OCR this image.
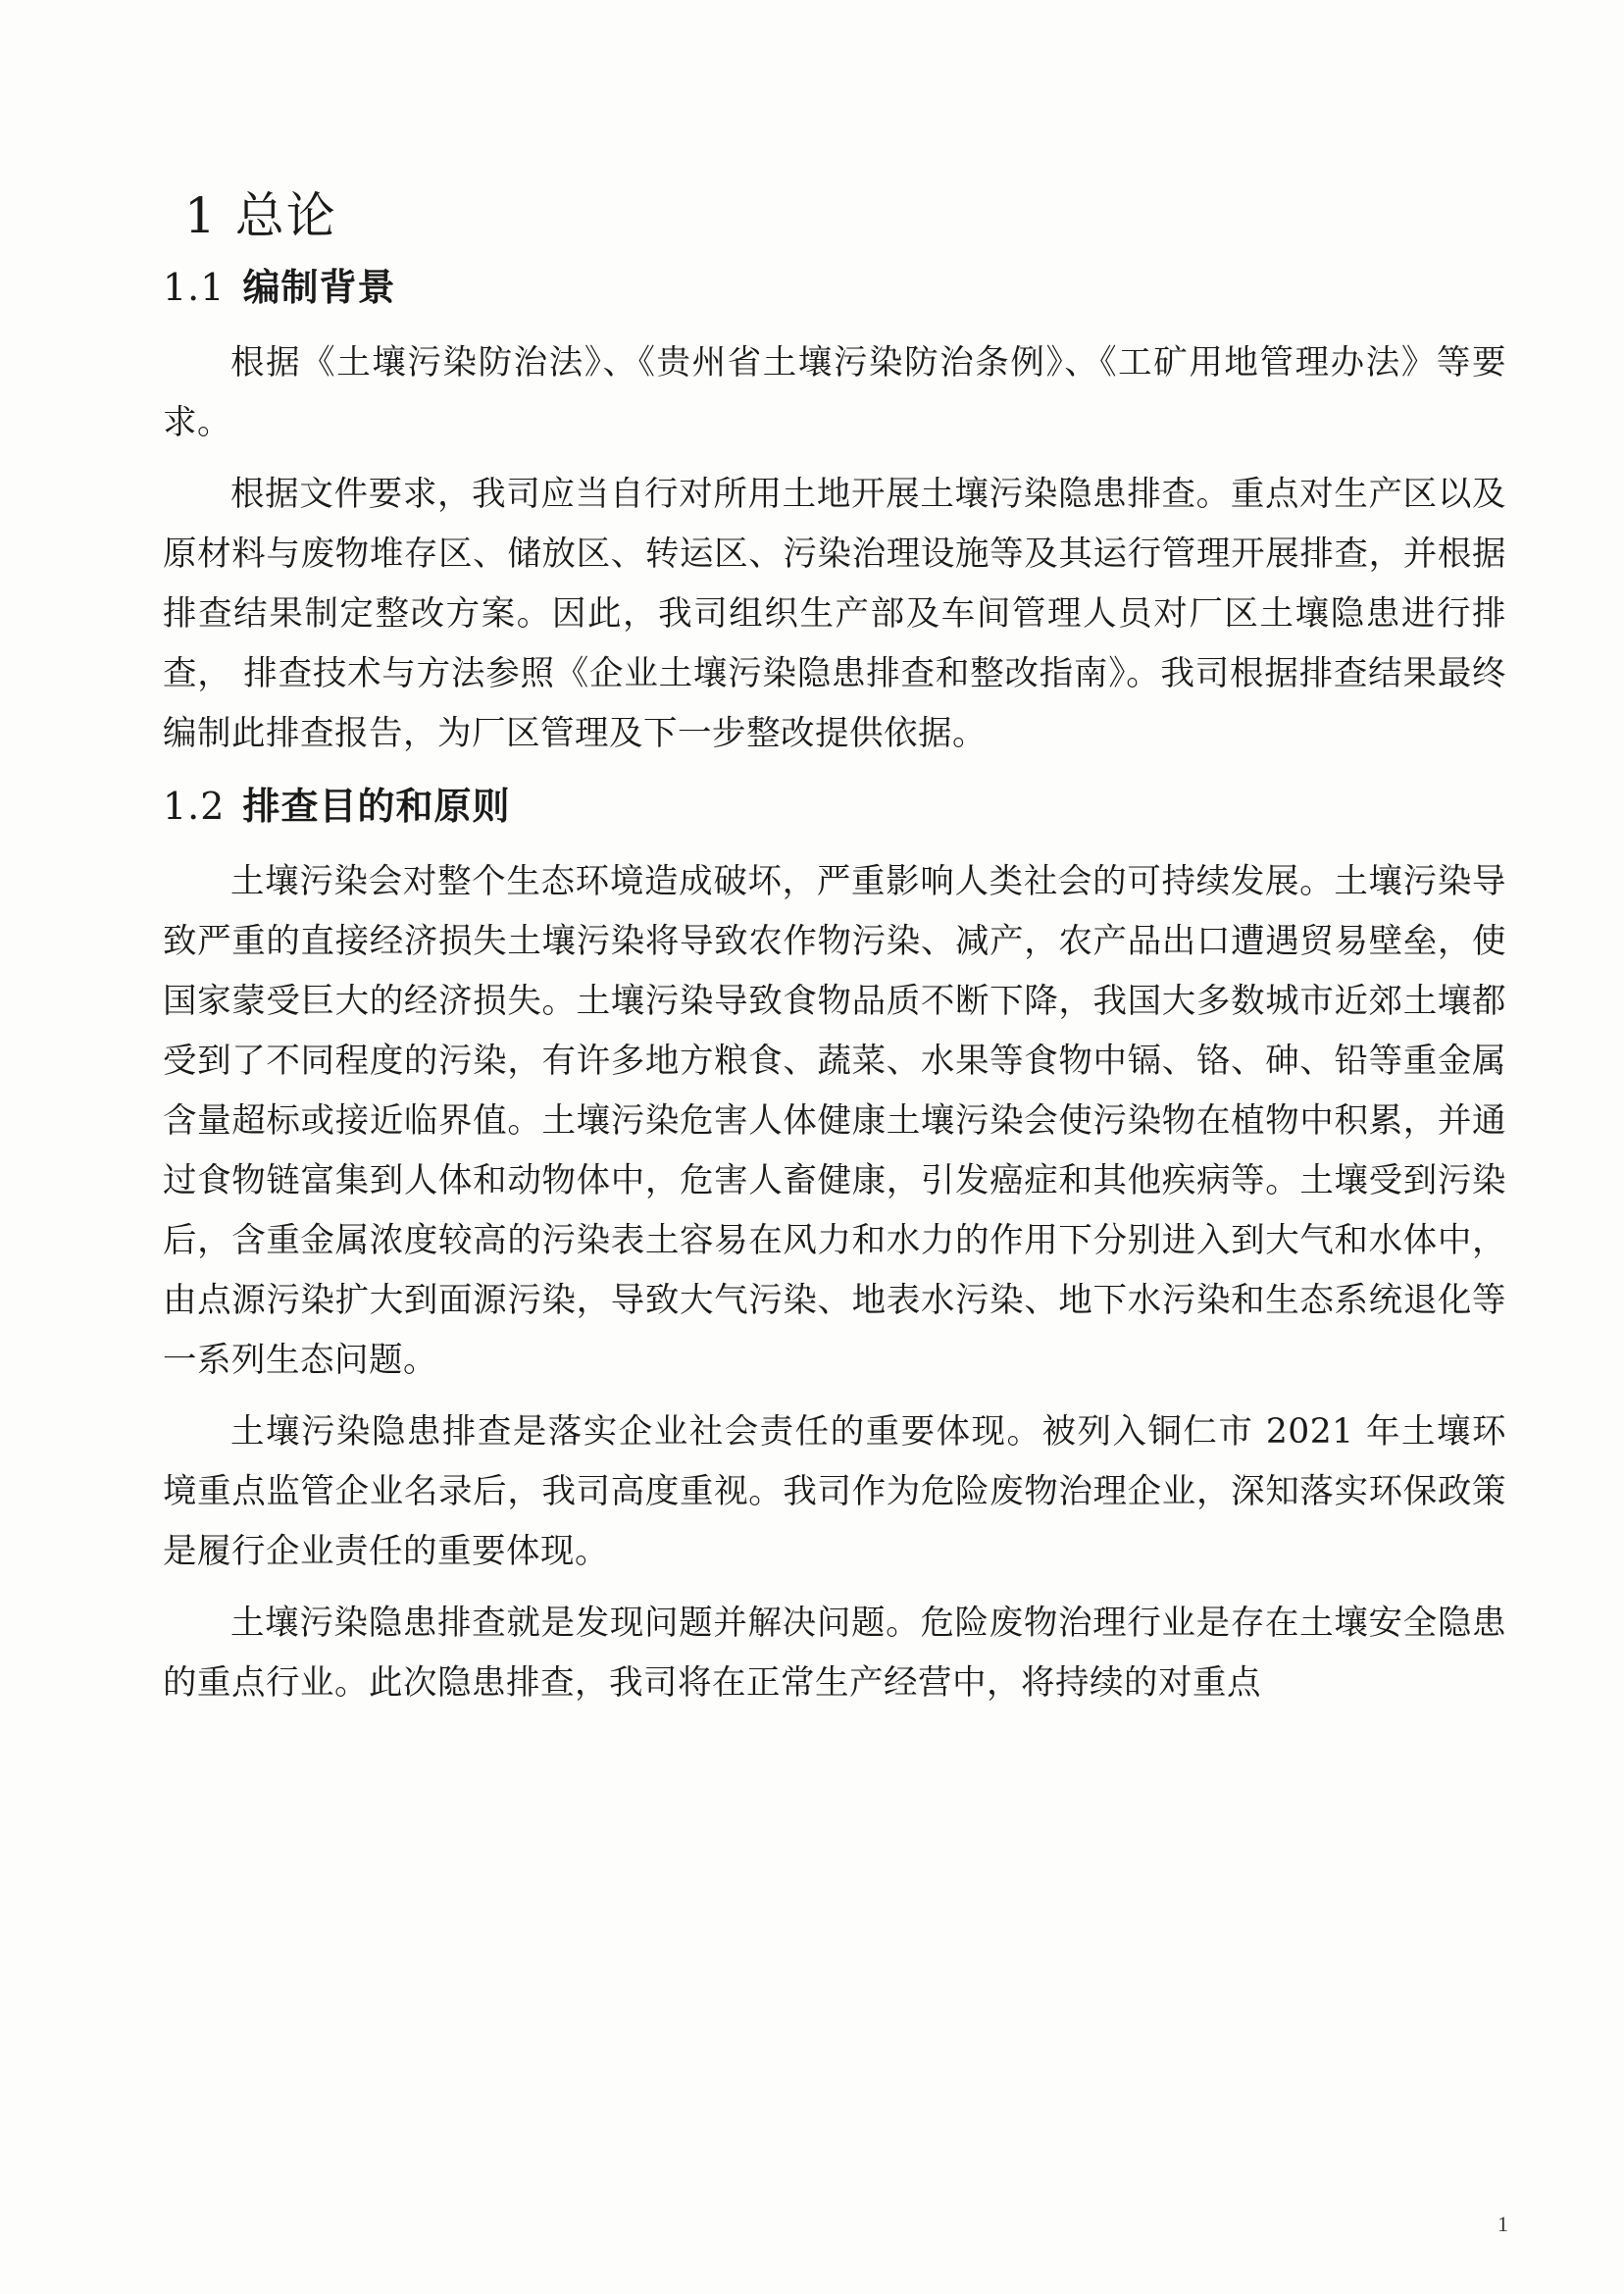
1 总论
1.1 编制背景

根据《土壤污染防治法》、《贵州省土壤污染防治条例》、《工矿用地管理办法》等要求。

根据文件要求，我司应当自行对所用土地开展土壤污染隐患排查。重点对生产区以及原材料与废物堆存区、储放区、转运区、污染治理设施等及其运行管理开展排查，并根据排查结果制定整改方案。因此，我司组织生产部及车间管理人员对厂区土壤隐患进行排查， 排查技术与方法参照《企业土壤污染隐患排查和整改指南》。我司根据排查结果最终编制此排查报告，为厂区管理及下一步整改提供依据。

1.2 排查目的和原则

土壤污染会对整个生态环境造成破坏，严重影响人类社会的可持续发展。土壤污染导致严重的直接经济损失土壤污染将导致农作物污染、减产，农产品出口遭遇贸易壁垒，使国家蒙受巨大的经济损失。土壤污染导致食物品质不断下降，我国大多数城市近郊土壤都受到了不同程度的污染，有许多地方粮食、蔬菜、水果等食物中镉、铬、砷、铅等重金属含量超标或接近临界值。土壤污染危害人体健康土壤污染会使污染物在植物中积累，并通过食物链富集到人体和动物体中，危害人畜健康，引发癌症和其他疾病等。土壤受到污染后，含重金属浓度较高的污染表土容易在风力和水力的作用下分别进入到大气和水体中，由点源污染扩大到面源污染，导致大气污染、地表水污染、地下水污染和生态系统退化等一系列生态问题。

土壤污染隐患排查是落实企业社会责任的重要体现。被列入铜仁市 2021 年土壤环境重点监管企业名录后，我司高度重视。我司作为危险废物治理企业，深知落实环保政策是履行企业责任的重要体现。

土壤污染隐患排查就是发现问题并解决问题。危险废物治理行业是存在土壤安全隐患的重点行业。此次隐患排查，我司将在正常生产经营中，将持续的对重点

1
